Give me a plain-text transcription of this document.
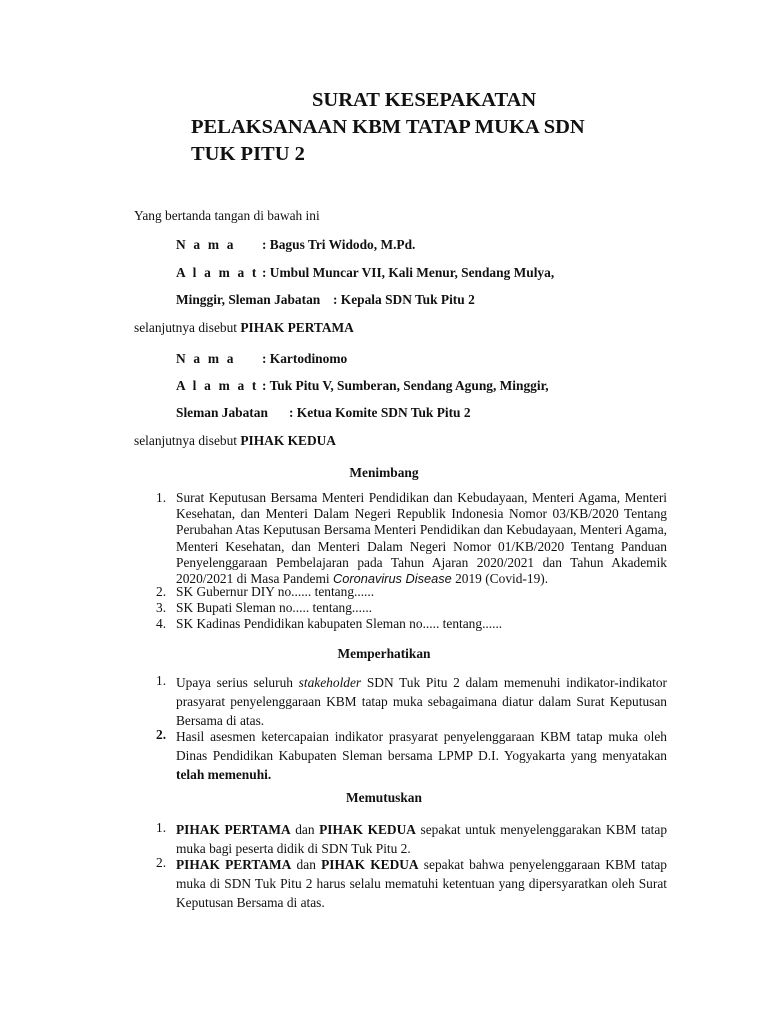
SURAT KESEPAKATAN
PELAKSANAAN KBM TATAP MUKA SDN
TUK PITU 2
Yang bertanda tangan di bawah ini
N a m a : Bagus Tri Widodo, M.Pd.
A l a m a t : Umbul Muncar VII, Kali Menur, Sendang Mulya,
Minggir, Sleman Jabatan : Kepala SDN Tuk Pitu 2
selanjutnya disebut PIHAK PERTAMA
N a m a : Kartodinomo
A l a m a t : Tuk Pitu V, Sumberan, Sendang Agung, Minggir,
Sleman Jabatan : Ketua Komite SDN Tuk Pitu 2
selanjutnya disebut PIHAK KEDUA
Menimbang
1. Surat Keputusan Bersama Menteri Pendidikan dan Kebudayaan, Menteri Agama, Menteri Kesehatan, dan Menteri Dalam Negeri Republik Indonesia Nomor 03/KB/2020 Tentang Perubahan Atas Keputusan Bersama Menteri Pendidikan dan Kebudayaan, Menteri Agama, Menteri Kesehatan, dan Menteri Dalam Negeri Nomor 01/KB/2020 Tentang Panduan Penyelenggaraan Pembelajaran pada Tahun Ajaran 2020/2021 dan Tahun Akademik 2020/2021 di Masa Pandemi Coronavirus Disease 2019 (Covid-19).
2. SK Gubernur DIY no...... tentang......
3. SK Bupati Sleman no..... tentang......
4. SK Kadinas Pendidikan kabupaten Sleman no..... tentang......
Memperhatikan
1. Upaya serius seluruh stakeholder SDN Tuk Pitu 2 dalam memenuhi indikator-indikator prasyarat penyelenggaraan KBM tatap muka sebagaimana diatur dalam Surat Keputusan Bersama di atas.
2. Hasil asesmen ketercapaian indikator prasyarat penyelenggaraan KBM tatap muka oleh Dinas Pendidikan Kabupaten Sleman bersama LPMP D.I. Yogyakarta yang menyatakan telah memenuhi.
Memutuskan
1. PIHAK PERTAMA dan PIHAK KEDUA sepakat untuk menyelenggarakan KBM tatap muka bagi peserta didik di SDN Tuk Pitu 2.
2. PIHAK PERTAMA dan PIHAK KEDUA sepakat bahwa penyelenggaraan KBM tatap muka di SDN Tuk Pitu 2 harus selalu mematuhi ketentuan yang dipersyaratkan oleh Surat Keputusan Bersama di atas.
